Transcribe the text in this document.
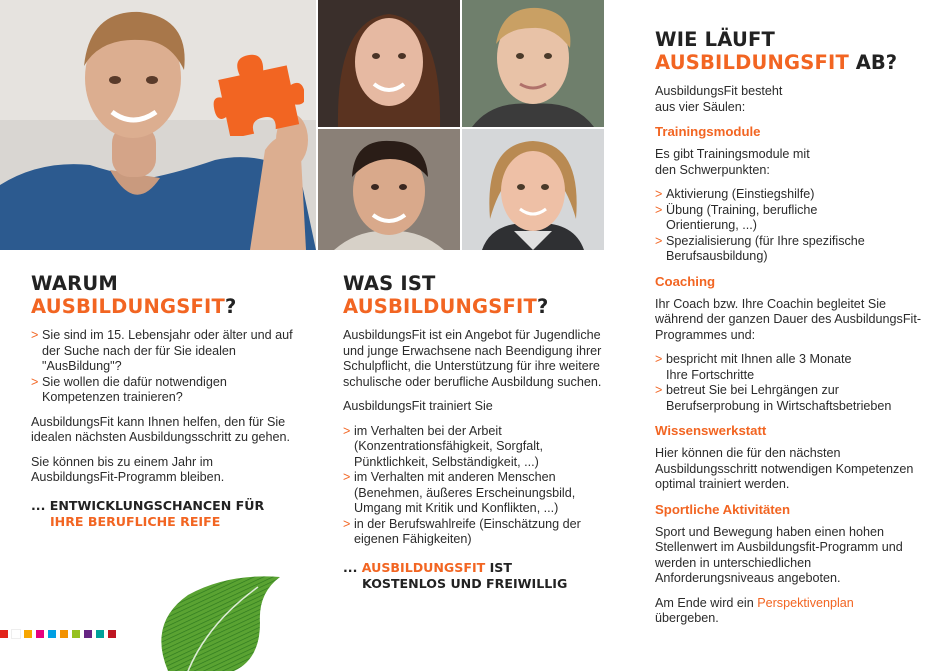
WARUM
AUSBILDUNGSFIT?
> Sie sind im 15. Lebensjahr oder älter und auf der Suche nach der für Sie idealen "AusBildung"?
> Sie wollen die dafür notwendigen Kompetenzen trainieren?

AusbildungsFit kann Ihnen helfen, den für Sie idealen nächsten Ausbildungsschritt zu gehen.

Sie können bis zu einem Jahr im AusbildungsFit-Programm bleiben.

... ENTWICKLUNGSCHANCEN FÜR
IHRE BERUFLICHE REIFE
WAS IST
AUSBILDUNGSFIT?

AusbildungsFit ist ein Angebot für Jugendliche und junge Erwachsene nach Beendigung ihrer Schulpflicht, die Unterstützung für ihre weitere schulische oder berufliche Ausbildung suchen.

AusbildungsFit trainiert Sie

> im Verhalten bei der Arbeit (Konzentrationsfähigkeit, Sorgfalt, Pünktlichkeit, Selbständigkeit, ...)
> im Verhalten mit anderen Menschen (Benehmen, äußeres Erscheinungsbild, Umgang mit Kritik und Konflikten, ...)
> in der Berufswahlreife (Einschätzung der eigenen Fähigkeiten)
... AUSBILDUNGSFIT IST
KOSTENLOS UND FREIWILLIG
WIE LÄUFT
AUSBILDUNGSFIT AB?

AusbildungsFit besteht aus vier Säulen:

Trainingsmodule

Es gibt Trainingsmodule mit den Schwerpunkten:

> Aktivierung (Einstiegshilfe)
> Übung (Training, berufliche Orientierung, ...)
> Spezialisierung (für Ihre spezifische Berufsausbildung)
Coaching

Ihr Coach bzw. Ihre Coachin begleitet Sie während der ganzen Dauer des AusbildungsFit-Programmes und:

> bespricht mit Ihnen alle 3 Monate Ihre Fortschritte
> betreut Sie bei Lehrgängen zur Berufserprobung in Wirtschaftsbetrieben
Wissenswerkstatt

Hier können die für den nächsten Ausbildungsschritt notwendigen Kompetenzen optimal trainiert werden.

Sportliche Aktivitäten

Sport und Bewegung haben einen hohen Stellenwert im Ausbildungsfit-Programm und werden in unterschiedlichen Anforderungsniveaus angeboten.

Am Ende wird ein Perspektivenplan
übergeben.
